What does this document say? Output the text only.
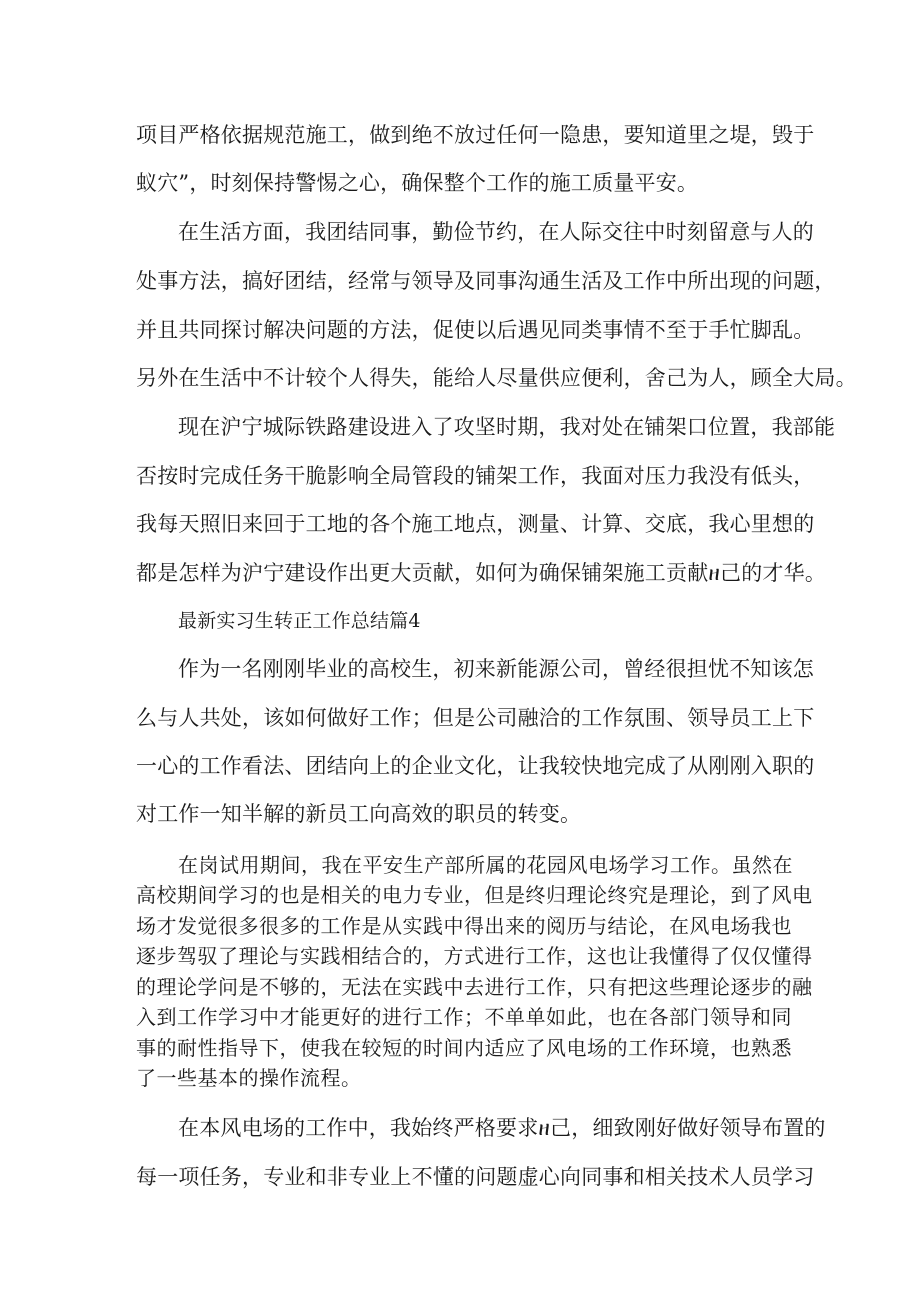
项目严格依据规范施工，做到绝不放过任何一隐患，要知道里之堤，毁于
蚁穴”，时刻保持警惕之心，确保整个工作的施工质量平安。
在生活方面，我团结同事，勤俭节约，在人际交往中时刻留意与人的
处事方法，搞好团结，经常与领导及同事沟通生活及工作中所出现的问题，
并且共同探讨解决问题的方法，促使以后遇见同类事情不至于手忙脚乱。
另外在生活中不计较个人得失，能给人尽量供应便利，舍己为人，顾全大局。
现在沪宁城际铁路建设进入了攻坚时期，我对处在铺架口位置，我部能
否按时完成任务干脆影响全局管段的铺架工作，我面对压力我没有低头，
我每天照旧来回于工地的各个施工地点，测量、计算、交底，我心里想的
都是怎样为沪宁建设作出更大贡献，如何为确保铺架施工贡献ዘ己的才华。
最新实习生转正工作总结篇4
作为一名刚刚毕业的高校生，初来新能源公司，曾经很担忧不知该怎
么与人共处，该如何做好工作；但是公司融洽的工作氛围、领导员工上下
一心的工作看法、团结向上的企业文化，让我较快地完成了从刚刚入职的
对工作一知半解的新员工向高效的职员的转变。
在岗试用期间，我在平安生产部所属的花园风电场学习工作。虽然在
高校期间学习的也是相关的电力专业，但是终归理论终究是理论，到了风电
场才发觉很多很多的工作是从实践中得出来的阅历与结论，在风电场我也
逐步驾驭了理论与实践相结合的，方式进行工作，这也让我懂得了仅仅懂得
的理论学问是不够的，无法在实践中去进行工作，只有把这些理论逐步的融
入到工作学习中才能更好的进行工作；不单单如此，也在各部门领导和同
事的耐性指导下，使我在较短的时间内适应了风电场的工作环境，也熟悉
了一些基本的操作流程。
在本风电场的工作中，我始终严格要求ዘ己，细致刚好做好领导布置的
每一项任务，专业和非专业上不懂的问题虚心向同事和相关技术人员学习
